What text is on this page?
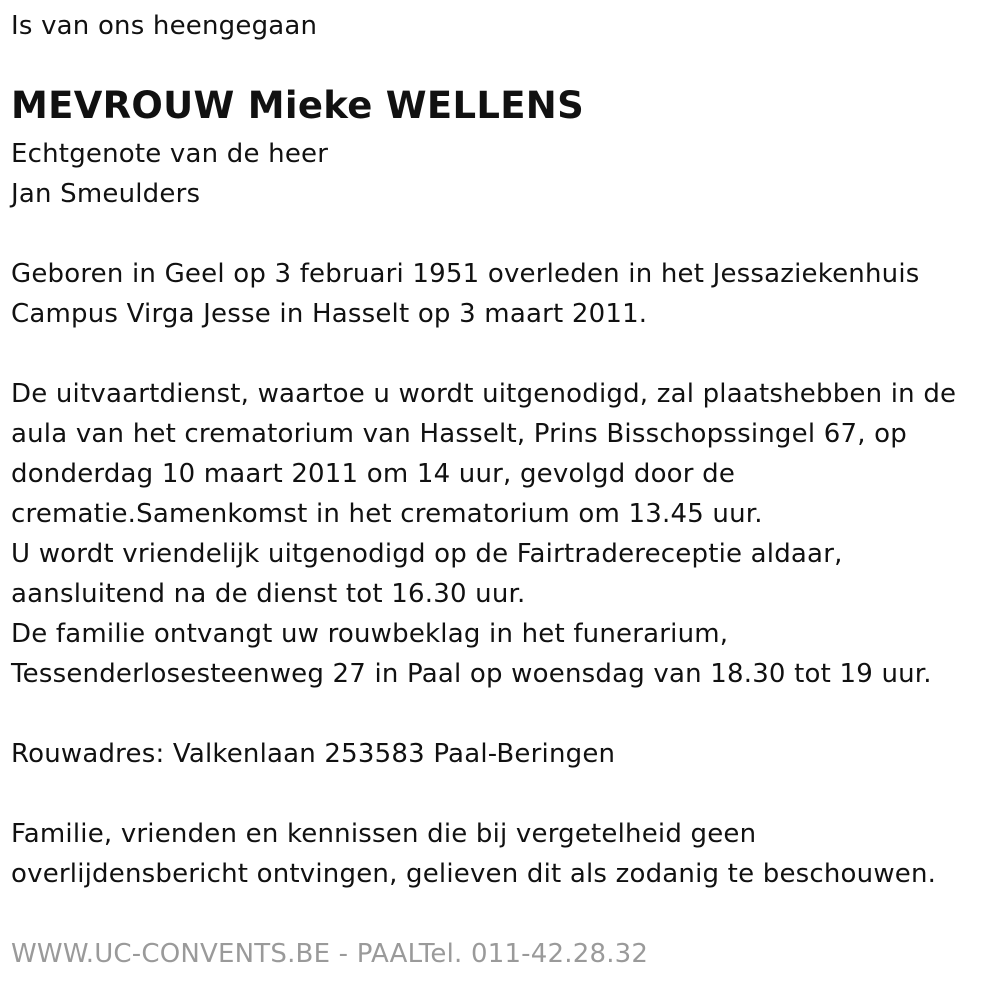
Is van ons heengegaan
MEVROUW Mieke WELLENS
Echtgenote van de heer
Jan Smeulders
Geboren in Geel op 3 februari 1951 overleden in het Jessaziekenhuis
Campus Virga Jesse in Hasselt op 3 maart 2011.
De uitvaartdienst, waartoe u wordt uitgenodigd, zal plaatshebben in de
aula van het crematorium van Hasselt, Prins Bisschopssingel 67, op
donderdag 10 maart 2011 om 14 uur, gevolgd door de
crematie.Samenkomst in het crematorium om 13.45 uur.
U wordt vriendelijk uitgenodigd op de Fairtradereceptie aldaar,
aansluitend na de dienst tot 16.30 uur.
De familie ontvangt uw rouwbeklag in het funerarium,
Tessenderlosesteenweg 27 in Paal op woensdag van 18.30 tot 19 uur.
Rouwadres: Valkenlaan 253583 Paal-Beringen
Familie, vrienden en kennissen die bij vergetelheid geen
overlijdensbericht ontvingen, gelieven dit als zodanig te beschouwen.
WWW.UC-CONVENTS.BE - PAALTel. 011-42.28.32
